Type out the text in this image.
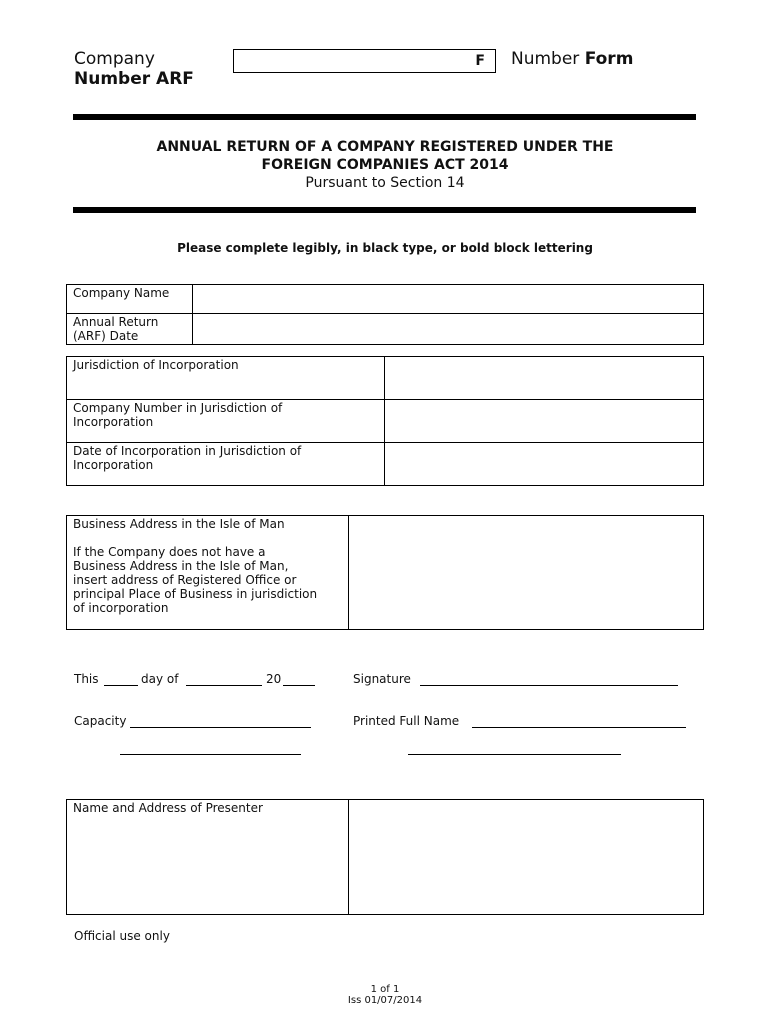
Company
Number ARF
F Number Form
ANNUAL RETURN OF A COMPANY REGISTERED UNDER THE
FOREIGN COMPANIES ACT 2014
Pursuant to Section 14
Please complete legibly, in black type, or bold block lettering
Company Name	
Annual Return
(ARF) Date	
Jurisdiction of Incorporation	
Company Number in Jurisdiction of
Incorporation	
Date of Incorporation in Jurisdiction of
Incorporation	
Business Address in the Isle of Man
If the Company does not have a
Business Address in the Isle of Man,
insert address of Registered Office or
principal Place of Business in jurisdiction
of incorporation

This	day of	20	Signature
Capacity	Printed Full Name
Name and Address of Presenter	
Official use only
1 of 1
Iss 01/07/2014
